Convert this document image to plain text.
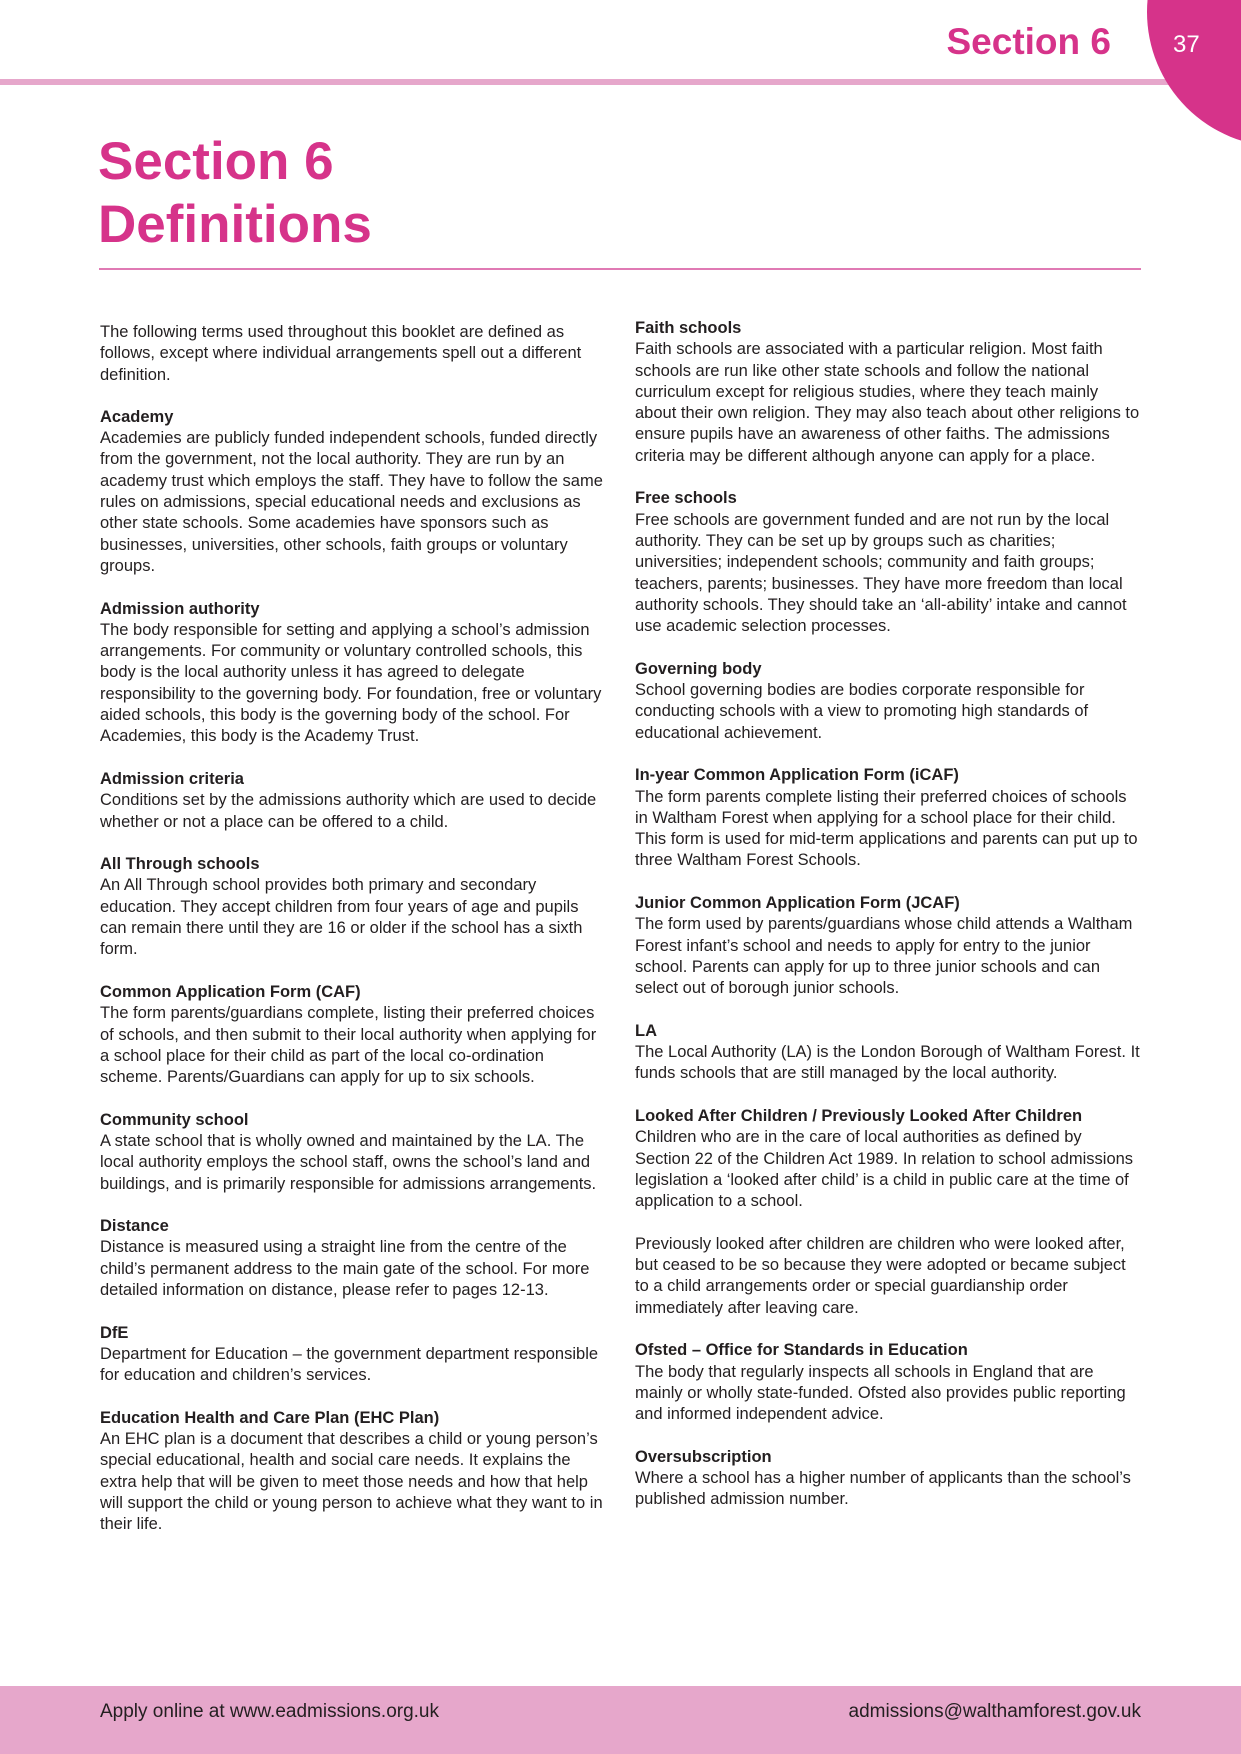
Section 6	37
Section 6
Definitions

The following terms used throughout this booklet are defined as follows, except where individual arrangements spell out a different definition.

Academy

Academies are publicly funded independent schools, funded directly from the government, not the local authority. They are run by an academy trust which employs the staff. They have to follow the same rules on admissions, special educational needs and exclusions as other state schools. Some academies have sponsors such as businesses, universities, other schools, faith groups or voluntary groups.

Admission authority

The body responsible for setting and applying a school’s admission arrangements. For community or voluntary controlled schools, this body is the local authority unless it has agreed to delegate responsibility to the governing body. For foundation, free or voluntary aided schools, this body is the governing body of the school. For Academies, this body is the Academy Trust.

Admission criteria

Conditions set by the admissions authority which are used to decide whether or not a place can be offered to a child.

All Through schools

An All Through school provides both primary and secondary education. They accept children from four years of age and pupils can remain there until they are 16 or older if the school has a sixth form.

Common Application Form (CAF)

The form parents/guardians complete, listing their preferred choices of schools, and then submit to their local authority when applying for a school place for their child as part of the local co-ordination scheme. Parents/Guardians can apply for up to six schools.

Community school

A state school that is wholly owned and maintained by the LA. The local authority employs the school staff, owns the school’s land and buildings, and is primarily responsible for admissions arrangements.

Distance

Distance is measured using a straight line from the centre of the child’s permanent address to the main gate of the school. For more detailed information on distance, please refer to pages 12-13.

DfE

Department for Education – the government department responsible for education and children’s services.

Education Health and Care Plan (EHC Plan)

An EHC plan is a document that describes a child or young person’s special educational, health and social care needs. It explains the extra help that will be given to meet those needs and how that help will support the child or young person to achieve what they want to in their life.

Faith schools

Faith schools are associated with a particular religion. Most faith schools are run like other state schools and follow the national curriculum except for religious studies, where they teach mainly about their own religion. They may also teach about other religions to ensure pupils have an awareness of other faiths. The admissions criteria may be different although anyone can apply for a place.

Free schools

Free schools are government funded and are not run by the local authority. They can be set up by groups such as charities; universities; independent schools; community and faith groups; teachers, parents; businesses. They have more freedom than local authority schools. They should take an ‘all-ability’ intake and cannot use academic selection processes.

Governing body

School governing bodies are bodies corporate responsible for conducting schools with a view to promoting high standards of educational achievement.

In-year Common Application Form (iCAF)

The form parents complete listing their preferred choices of schools in Waltham Forest when applying for a school place for their child. This form is used for mid-term applications and parents can put up to three Waltham Forest Schools.

Junior Common Application Form (JCAF)

The form used by parents/guardians whose child attends a Waltham Forest infant’s school and needs to apply for entry to the junior school. Parents can apply for up to three junior schools and can select out of borough junior schools.

LA

The Local Authority (LA) is the London Borough of Waltham Forest. It funds schools that are still managed by the local authority.

Looked After Children / Previously Looked After Children

Children who are in the care of local authorities as defined by Section 22 of the Children Act 1989. In relation to school admissions legislation a ‘looked after child’ is a child in public care at the time of application to a school.

Previously looked after children are children who were looked after, but ceased to be so because they were adopted or became subject to a child arrangements order or special guardianship order immediately after leaving care.

Ofsted – Office for Standards in Education

The body that regularly inspects all schools in England that are mainly or wholly state-funded. Ofsted also provides public reporting and informed independent advice.

Oversubscription

Where a school has a higher number of applicants than the school’s published admission number.

Apply online at www.eadmissions.org.uk	admissions@walthamforest.gov.uk
